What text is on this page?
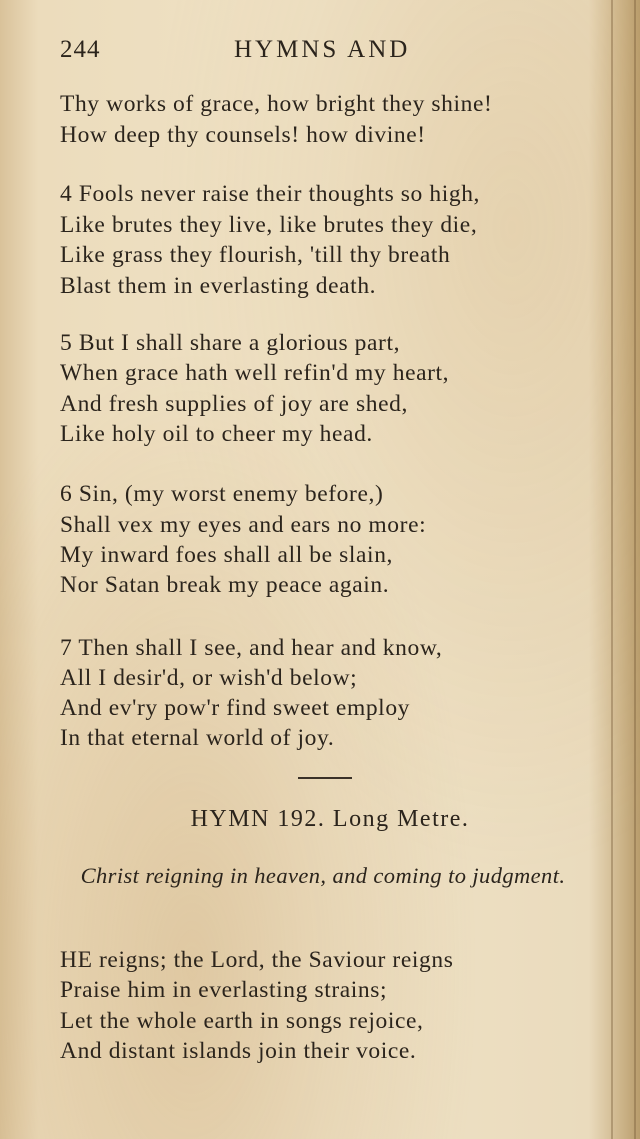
244	HYMNS AND
Thy works of grace, how bright they shine!
How deep thy counsels! how divine!
4 Fools never raise their thoughts so high,
Like brutes they live, like brutes they die,
Like grass they flourish, 'till thy breath
Blast them in everlasting death.
5 But I shall share a glorious part,
When grace hath well refin'd my heart,
And fresh supplies of joy are shed,
Like holy oil to cheer my head.
6 Sin, (my worst enemy before,)
Shall vex my eyes and ears no more:
My inward foes shall all be slain,
Nor Satan break my peace again.
7 Then shall I see, and hear and know,
All I desir'd, or wish'd below;
And ev'ry pow'r find sweet employ
In that eternal world of joy.
HYMN 192. Long Metre.
Christ reigning in heaven, and coming to judgment.
HE reigns; the Lord, the Saviour reigns
Praise him in everlasting strains;
Let the whole earth in songs rejoice,
And distant islands join their voice.
